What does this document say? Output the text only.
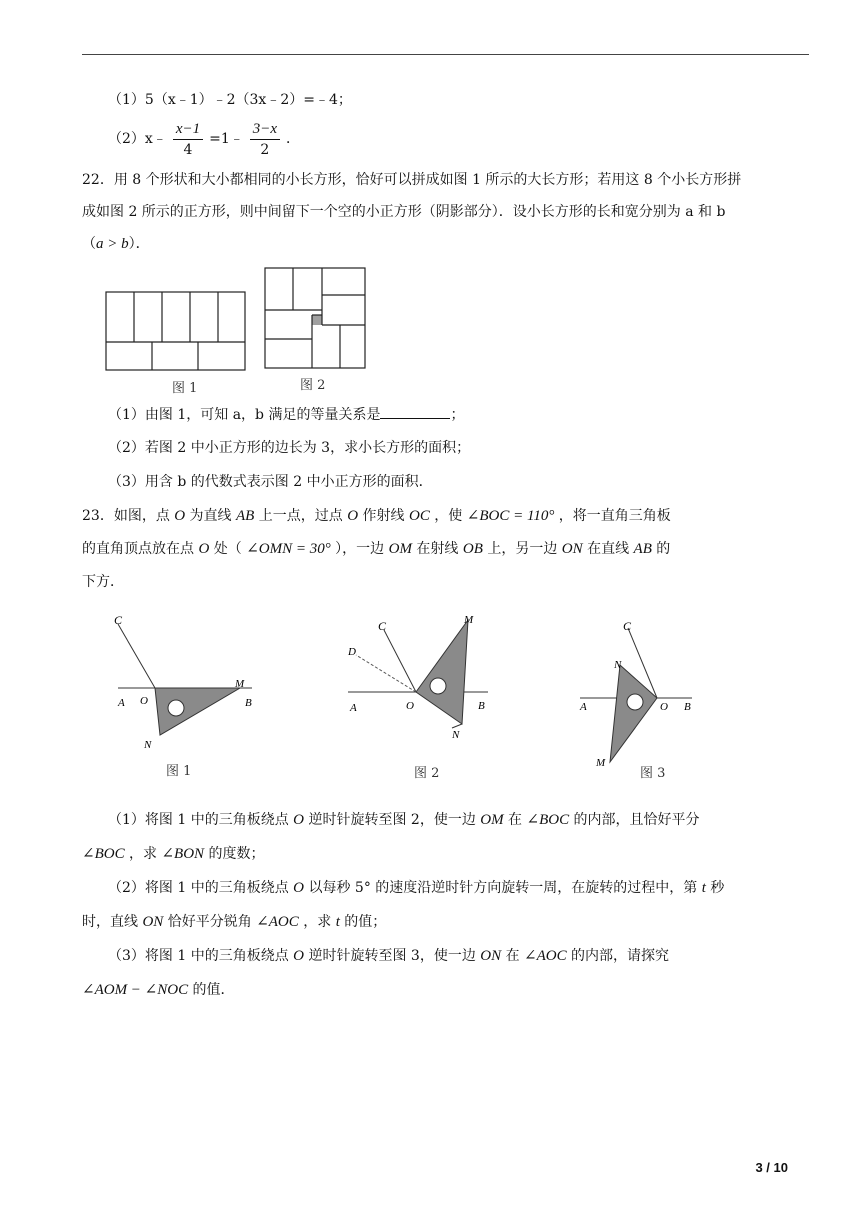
（1）5（x﹣1）﹣2（3x﹣2）=﹣4；
（2）x﹣ $\frac{x-1}{4}$ =1﹣ $\frac{3-x}{2}$ ．
22．用 8 个形状和大小都相同的小长方形，恰好可以拼成如图 1 所示的大长方形；若用这 8 个小长方形拼
成如图 2 所示的正方形，则中间留下一个空的小正方形（阴影部分）．设小长方形的长和宽分别为 a 和 b
（a > b）．
图 1	图 2
（1）由图 1，可知 a，b 满足的等量关系是	；
（2）若图 2 中小正方形的边长为 3，求小长方形的面积；
（3）用含 b 的代数式表示图 2 中小正方形的面积．
23．如图，点 O 为直线 AB 上一点，过点 O 作射线 OC ，使 ∠BOC = 110° ，将一直角三角板
的直角顶点放在点 O 处（ ∠OMN = 30° ），一边 OM 在射线 OB 上，另一边 ON 在直线 AB 的
下方．
C
A O
M
B
N
C	M
D
A	O	B
N
C
N
A	O B
M
图 1	图 2	图 3
（1）将图 1 中的三角板绕点 O 逆时针旋转至图 2，使一边 OM 在 ∠BOC 的内部，且恰好平分
∠BOC ，求 ∠BON 的度数；
（2）将图 1 中的三角板绕点 O 以每秒 5° 的速度沿逆时针方向旋转一周，在旋转的过程中，第 t 秒
时，直线 ON 恰好平分锐角 ∠AOC ，求 t 的值；
（3）将图 1 中的三角板绕点 O 逆时针旋转至图 3，使一边 ON 在 ∠AOC 的内部，请探究
∠AOM − ∠NOC 的值．
3 / 10
